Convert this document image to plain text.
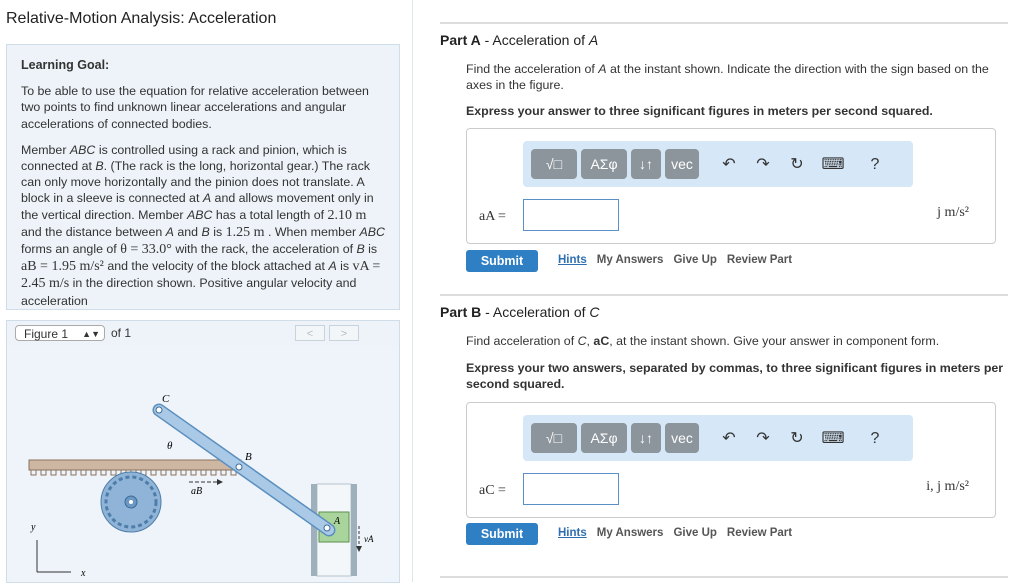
Relative-Motion Analysis: Acceleration
Learning Goal:

To be able to use the equation for relative acceleration between two points to find unknown linear accelerations and angular accelerations of connected bodies.

Member ABC is controlled using a rack and pinion, which is connected at B. (The rack is the long, horizontal gear.) The rack can only move horizontally and the pinion does not translate. A block in a sleeve is connected at A and allows movement only in the vertical direction. Member ABC has a total length of 2.10 m and the distance between A and B is 1.25 m . When member ABC forms an angle of θ = 33.0° with the rack, the acceleration of B is aB = 1.95 m/s² and the velocity of the block attached at A is vA = 2.45 m/s in the direction shown. Positive angular velocity and acceleration

Figure 1 ▲▼ of 1	<	>
C
θ
B
aB
A
vA
y
x
Part A - Acceleration of A
Find the acceleration of A at the instant shown. Indicate the direction with the sign based on the axes in the figure.
Express your answer to three significant figures in meters per second squared.
√□	ΑΣφ	↓↑	vec	↶	↷	↻	⌨	?
aA =	j m/s²
Submit	Hints My Answers Give Up Review Part
Part B - Acceleration of C
Find acceleration of C, aC, at the instant shown. Give your answer in component form.
Express your two answers, separated by commas, to three significant figures in meters per second squared.
√□	ΑΣφ	↓↑	vec	↶	↷	↻	⌨	?
aC =	i, j m/s²
Submit	Hints My Answers Give Up Review Part
